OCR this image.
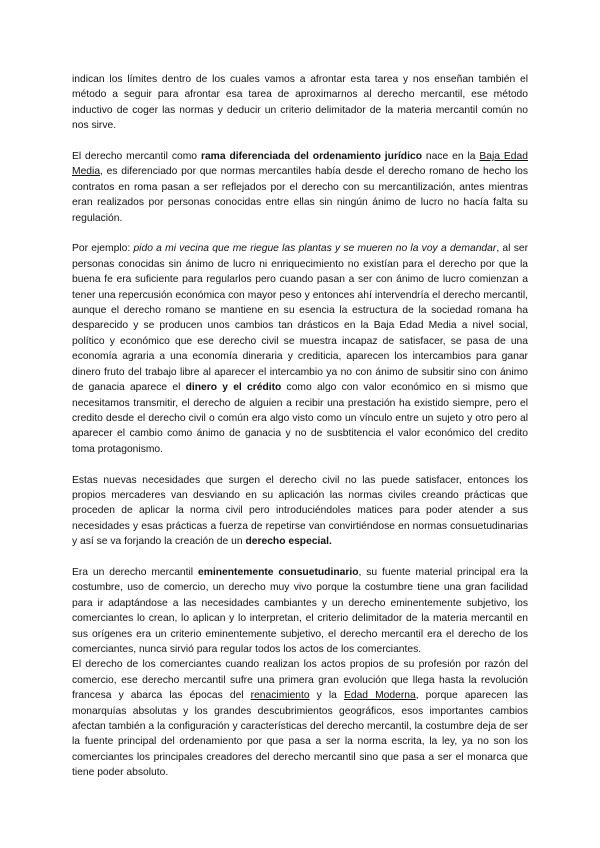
indican los límites dentro de los cuales vamos a afrontar esta tarea y nos enseñan también el método a seguir para afrontar esa tarea de aproximarnos al derecho mercantil, ese método inductivo de coger las normas y deducir un criterio delimitador de la materia mercantil común no nos sirve.

El derecho mercantil como rama diferenciada del ordenamiento jurídico nace en la Baja Edad Media, es diferenciado por que normas mercantiles había desde el derecho romano de hecho los contratos en roma pasan a ser reflejados por el derecho con su mercantilización, antes mientras eran realizados por personas conocidas entre ellas sin ningún ánimo de lucro no hacía falta su regulación.

Por ejemplo: pido a mi vecina que me riegue las plantas y se mueren no la voy a demandar, al ser personas conocidas sin ánimo de lucro ni enriquecimiento no existían para el derecho por que la buena fe era suficiente para regularlos pero cuando pasan a ser con ánimo de lucro comienzan a tener una repercusión económica con mayor peso y entonces ahí intervendría el derecho mercantil, aunque el derecho romano se mantiene en su esencia la estructura de la sociedad romana ha desparecido y se producen unos cambios tan drásticos en la Baja Edad Media a nivel social, político y económico que ese derecho civil se muestra incapaz de satisfacer, se pasa de una economía agraria a una economía dineraria y crediticia, aparecen los intercambios para ganar dinero fruto del trabajo libre al aparecer el intercambio ya no con ánimo de subsitir sino con ánimo de ganacia aparece el dinero y el crédito como algo con valor económico en si mismo que necesitamos transmitir, el derecho de alguien a recibir una prestación ha existido siempre, pero el credito desde el derecho civil o común era algo visto como un vínculo entre un sujeto y otro pero al aparecer el cambio como ánimo de ganacia y no de susbtitencia el valor económico del credito toma protagonismo.

Estas nuevas necesidades que surgen el derecho civil no las puede satisfacer, entonces los propios mercaderes van desviando en su aplicación las normas civiles creando prácticas que proceden de aplicar la norma civil pero introduciéndoles matices para poder atender a sus necesidades y esas prácticas a fuerza de repetirse van convirtiéndose en normas consuetudinarias y así se va forjando la creación de un derecho especial.

Era un derecho mercantil eminentemente consuetudinario, su fuente material principal era la costumbre, uso de comercio, un derecho muy vivo porque la costumbre tiene una gran facilidad para ir adaptándose a las necesidades cambiantes y un derecho eminentemente subjetivo, los comerciantes lo crean, lo aplican y lo interpretan, el criterio delimitador de la materia mercantil en sus orígenes era un criterio eminentemente subjetivo, el derecho mercantil era el derecho de los comerciantes, nunca sirvió para regular todos los actos de los comerciantes.

El derecho de los comerciantes cuando realizan los actos propios de su profesión por razón del comercio, ese derecho mercantil sufre una primera gran evolución que llega hasta la revolución francesa y abarca las épocas del renacimiento y la Edad Moderna, porque aparecen las monarquías absolutas y los grandes descubrimientos geográficos, esos importantes cambios afectan también a la configuración y características del derecho mercantil, la costumbre deja de ser la fuente principal del ordenamiento por que pasa a ser la norma escrita, la ley, ya no son los comerciantes los principales creadores del derecho mercantil sino que pasa a ser el monarca que tiene poder absoluto.
